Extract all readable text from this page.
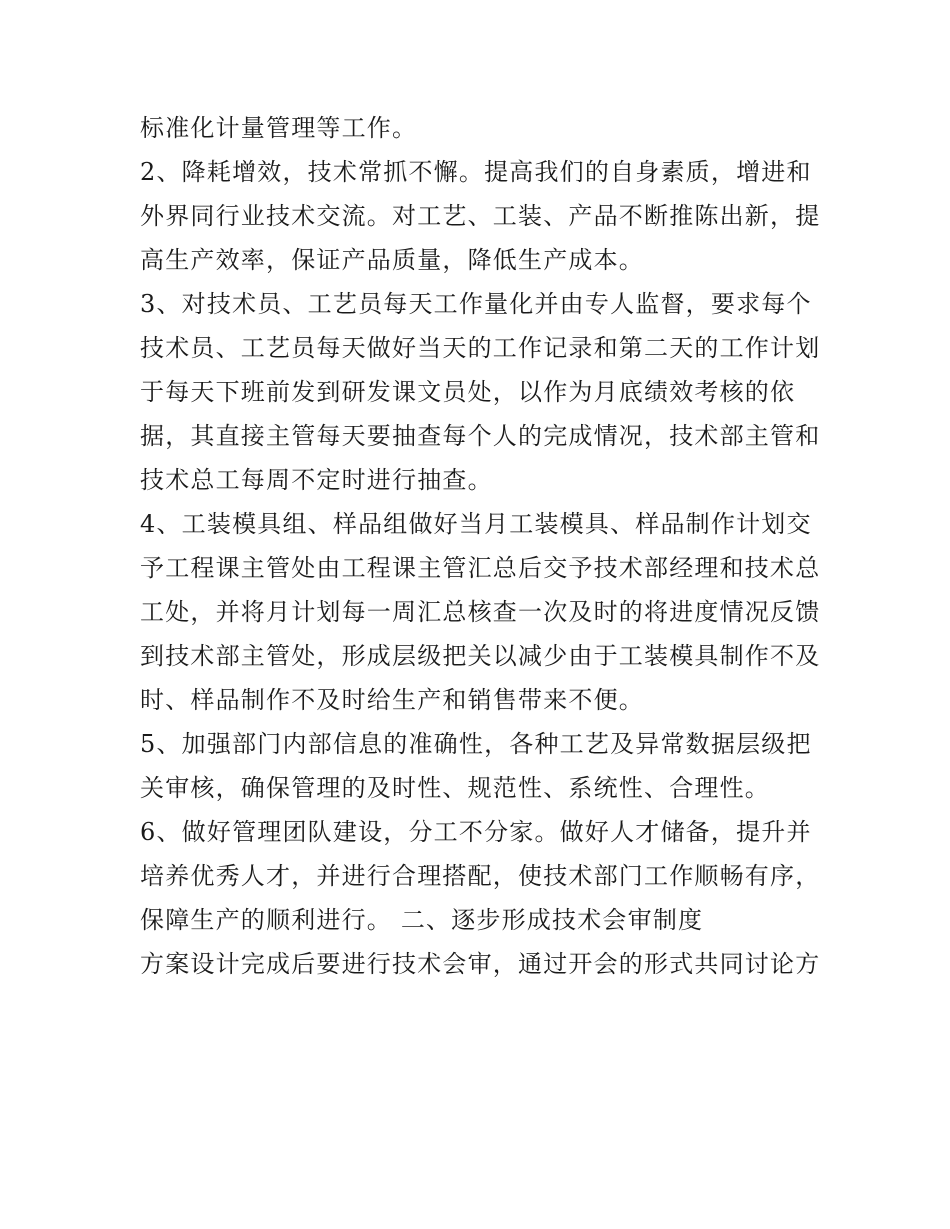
标准化计量管理等工作。

2、降耗增效，技术常抓不懈。提高我们的自身素质，增进和

外界同行业技术交流。对工艺、工装、产品不断推陈出新，提

高生产效率，保证产品质量，降低生产成本。

3、对技术员、工艺员每天工作量化并由专人监督，要求每个

技术员、工艺员每天做好当天的工作记录和第二天的工作计划

于每天下班前发到研发课文员处，以作为月底绩效考核的依

据，其直接主管每天要抽查每个人的完成情况，技术部主管和

技术总工每周不定时进行抽查。

4、工装模具组、样品组做好当月工装模具、样品制作计划交

予工程课主管处由工程课主管汇总后交予技术部经理和技术总

工处，并将月计划每一周汇总核查一次及时的将进度情况反馈

到技术部主管处，形成层级把关以减少由于工装模具制作不及

时、样品制作不及时给生产和销售带来不便。

5、加强部门内部信息的准确性，各种工艺及异常数据层级把

关审核，确保管理的及时性、规范性、系统性、合理性。

6、做好管理团队建设，分工不分家。做好人才储备，提升并

培养优秀人才，并进行合理搭配，使技术部门工作顺畅有序，

保障生产的顺利进行。 二、逐步形成技术会审制度

方案设计完成后要进行技术会审，通过开会的形式共同讨论方
